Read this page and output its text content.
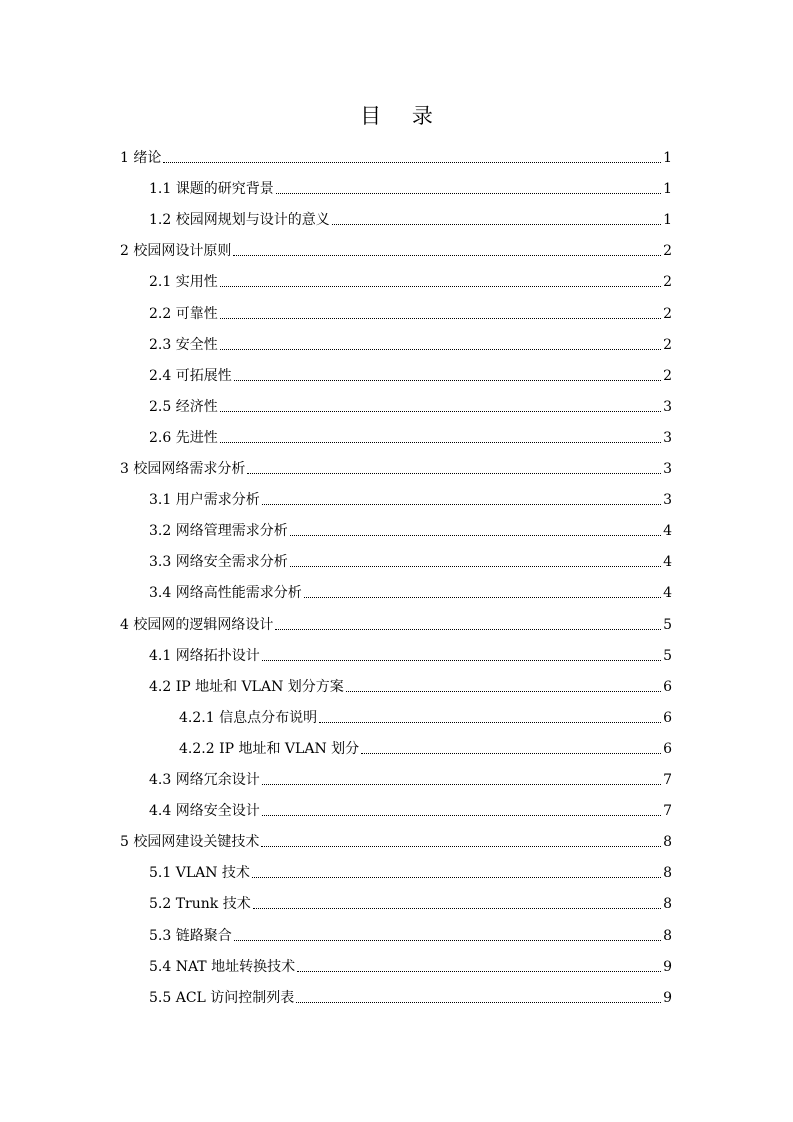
目 录
1 绪论	1
1.1 课题的研究背景	1
1.2 校园网规划与设计的意义	1
2 校园网设计原则	2
2.1 实用性	2
2.2 可靠性	2
2.3 安全性	2
2.4 可拓展性	2
2.5 经济性	3
2.6 先进性	3
3 校园网络需求分析	3
3.1 用户需求分析	3
3.2 网络管理需求分析	4
3.3 网络安全需求分析	4
3.4 网络高性能需求分析	4
4 校园网的逻辑网络设计	5
4.1 网络拓扑设计	5
4.2 IP 地址和 VLAN 划分方案	6
4.2.1 信息点分布说明	6
4.2.2 IP 地址和 VLAN 划分	6
4.3 网络冗余设计	7
4.4 网络安全设计	7
5 校园网建设关键技术	8
5.1 VLAN 技术	8
5.2 Trunk 技术	8
5.3 链路聚合	8
5.4 NAT 地址转换技术	9
5.5 ACL 访问控制列表	9
